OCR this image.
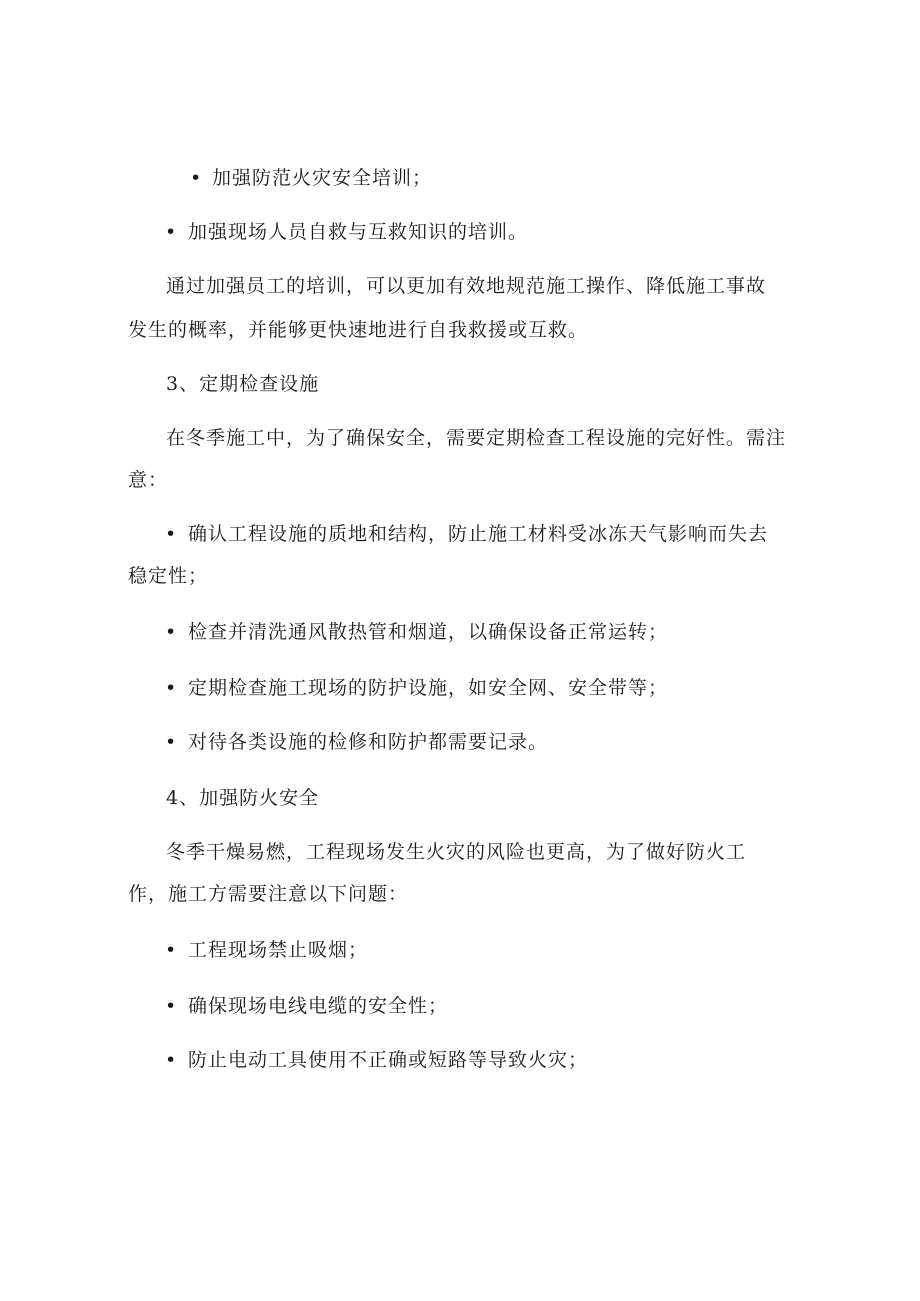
• 加强防范火灾安全培训；
• 加强现场人员自救与互救知识的培训。
通过加强员工的培训，可以更加有效地规范施工操作、降低施工事故
发生的概率，并能够更快速地进行自我救援或互救。
3、定期检查设施
在冬季施工中，为了确保安全，需要定期检查工程设施的完好性。需注
意：
• 确认工程设施的质地和结构，防止施工材料受冰冻天气影响而失去
稳定性；
• 检查并清洗通风散热管和烟道，以确保设备正常运转；
• 定期检查施工现场的防护设施，如安全网、安全带等；
• 对待各类设施的检修和防护都需要记录。
4、加强防火安全
冬季干燥易燃，工程现场发生火灾的风险也更高，为了做好防火工
作，施工方需要注意以下问题：
• 工程现场禁止吸烟；
• 确保现场电线电缆的安全性；
• 防止电动工具使用不正确或短路等导致火灾；
